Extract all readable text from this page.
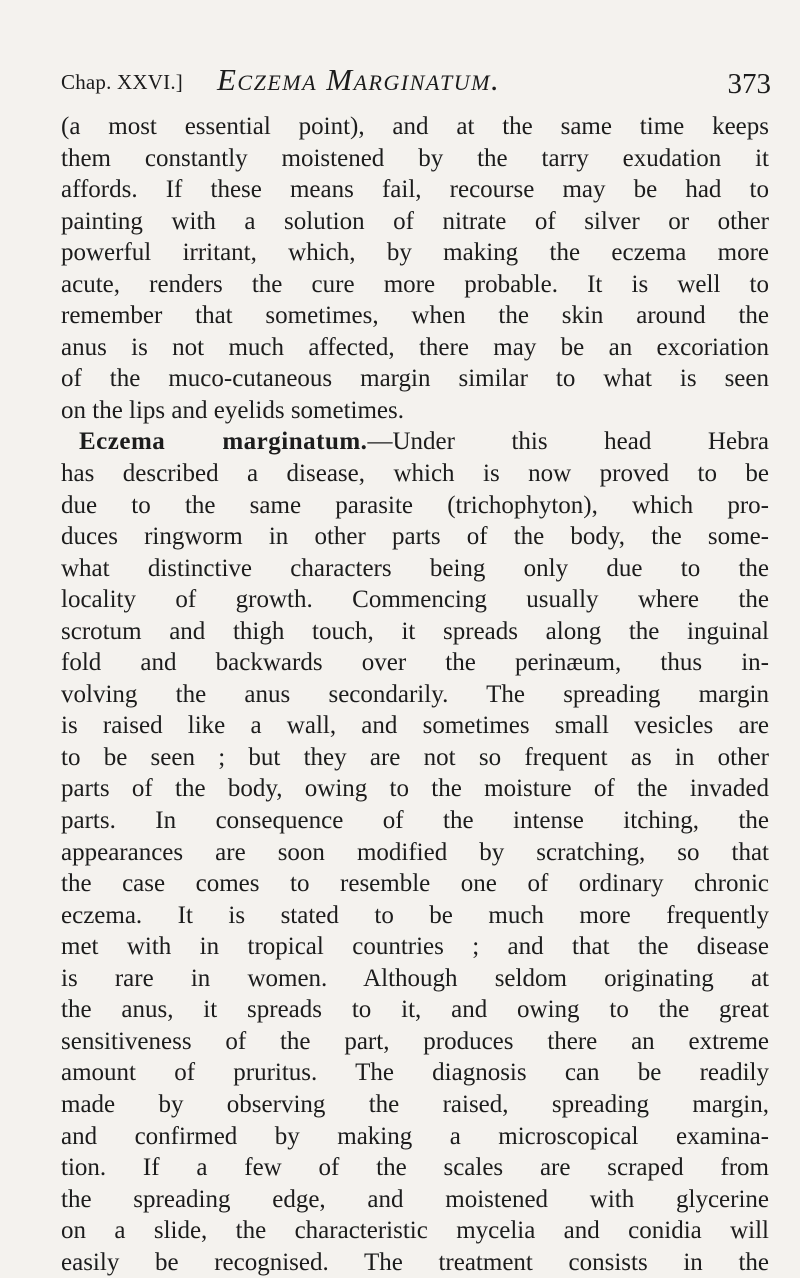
Chap. XXVI.] Eczema Marginatum.	373
(a most essential point), and at the same time keeps
them constantly moistened by the tarry exudation it
affords. If these means fail, recourse may be had to
painting with a solution of nitrate of silver or other
powerful irritant, which, by making the eczema more
acute, renders the cure more probable. It is well to
remember that sometimes, when the skin around the
anus is not much affected, there may be an excoriation
of the muco-cutaneous margin similar to what is seen
on the lips and eyelids sometimes.
Eczema marginatum.—Under this head Hebra
has described a disease, which is now proved to be
due to the same parasite (trichophyton), which pro-
duces ringworm in other parts of the body, the some-
what distinctive characters being only due to the
locality of growth. Commencing usually where the
scrotum and thigh touch, it spreads along the inguinal
fold and backwards over the perinæum, thus in-
volving the anus secondarily. The spreading margin
is raised like a wall, and sometimes small vesicles are
to be seen ; but they are not so frequent as in other
parts of the body, owing to the moisture of the invaded
parts. In consequence of the intense itching, the
appearances are soon modified by scratching, so that
the case comes to resemble one of ordinary chronic
eczema. It is stated to be much more frequently
met with in tropical countries ; and that the disease
is rare in women. Although seldom originating at
the anus, it spreads to it, and owing to the great
sensitiveness of the part, produces there an extreme
amount of pruritus. The diagnosis can be readily
made by observing the raised, spreading margin,
and confirmed by making a microscopical examina-
tion. If a few of the scales are scraped from
the spreading edge, and moistened with glycerine
on a slide, the characteristic mycelia and conidia will
easily be recognised. The treatment consists in the
